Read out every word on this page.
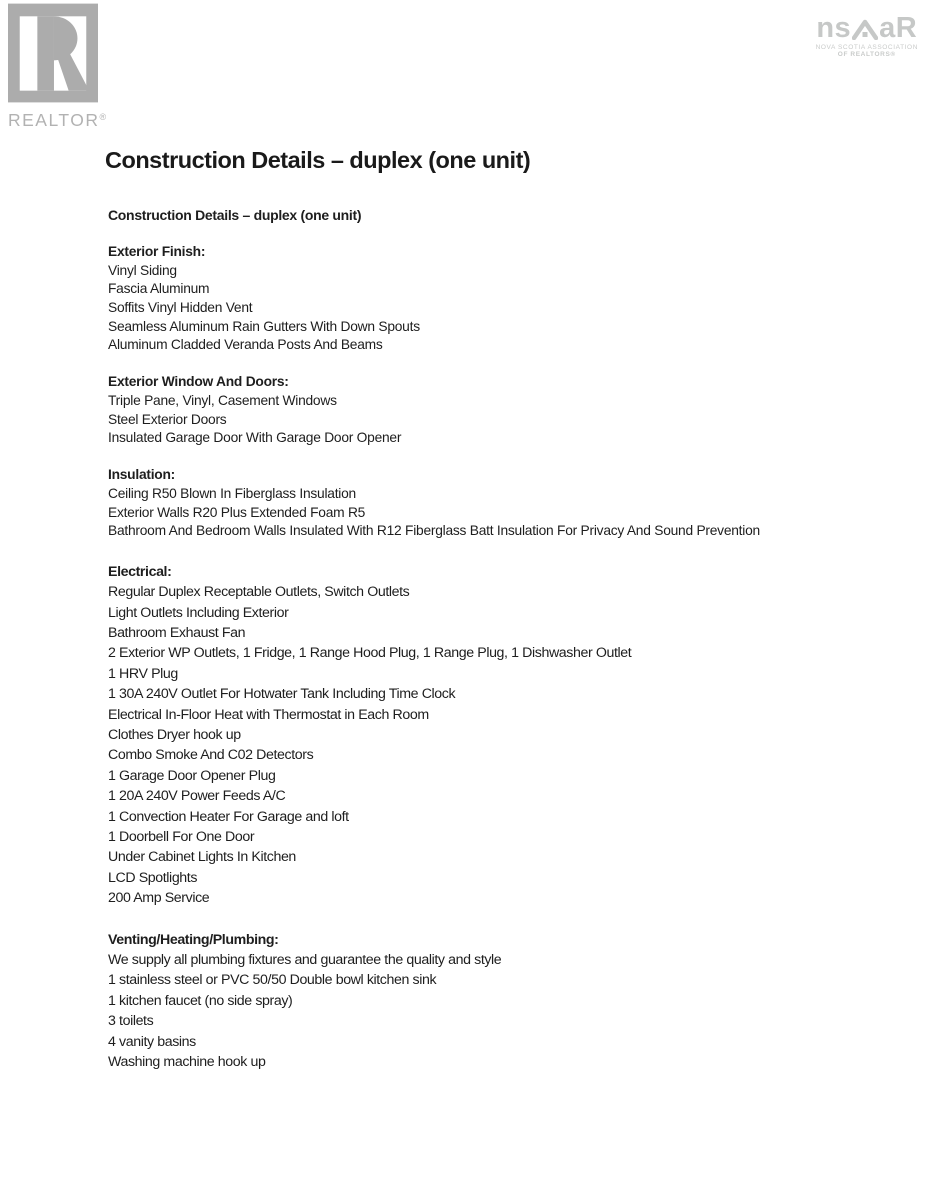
REALTOR®
ns aR
NOVA SCOTIA ASSOCIATION
OF REALTORS®
Construction Details – duplex (one unit)

Construction Details – duplex (one unit)

Exterior Finish:

Vinyl Siding

Fascia Aluminum

Soffits Vinyl Hidden Vent

Seamless Aluminum Rain Gutters With Down Spouts

Aluminum Cladded Veranda Posts And Beams

Exterior Window And Doors:

Triple Pane, Vinyl, Casement Windows

Steel Exterior Doors

Insulated Garage Door With Garage Door Opener

Insulation:

Ceiling R50 Blown In Fiberglass Insulation

Exterior Walls R20 Plus Extended Foam R5

Bathroom And Bedroom Walls Insulated With R12 Fiberglass Batt Insulation For Privacy And Sound Prevention

Electrical:

Regular Duplex Receptable Outlets, Switch Outlets

Light Outlets Including Exterior

Bathroom Exhaust Fan

2 Exterior WP Outlets, 1 Fridge, 1 Range Hood Plug, 1 Range Plug, 1 Dishwasher Outlet

1 HRV Plug

1 30A 240V Outlet For Hotwater Tank Including Time Clock

Electrical In-Floor Heat with Thermostat in Each Room

Clothes Dryer hook up

Combo Smoke And C02 Detectors

1 Garage Door Opener Plug

1 20A 240V Power Feeds A/C

1 Convection Heater For Garage and loft

1 Doorbell For One Door

Under Cabinet Lights In Kitchen

LCD Spotlights

200 Amp Service

Venting/Heating/Plumbing:

We supply all plumbing fixtures and guarantee the quality and style

1 stainless steel or PVC 50/50 Double bowl kitchen sink

1 kitchen faucet (no side spray)

3 toilets

4 vanity basins

Washing machine hook up
